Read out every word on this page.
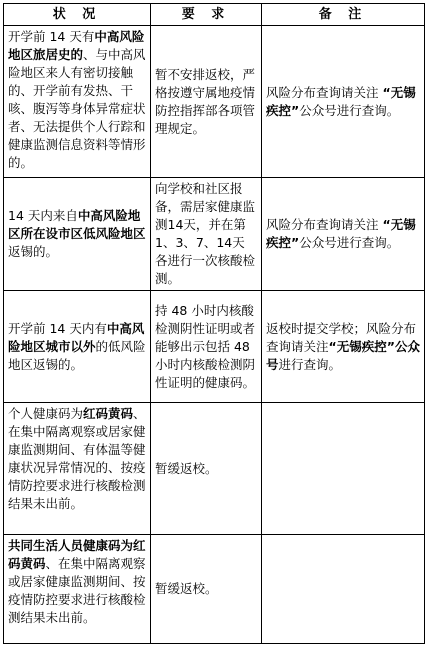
状 况	要 求	备 注
开学前 14 天有中高风险地区旅居史的、与中高风险地区来人有密切接触的、开学前有发热、干咳、腹泻等身体异常症状者、无法提供个人行踪和健康监测信息资料等情形的。	暂不安排返校，严格按遵守属地疫情防控指挥部各项管理规定。	风险分布查询请关注 “无锡疾控”公众号进行查询。
14 天内来自中高风险地区所在设市区低风险地区返锡的。	向学校和社区报备，需居家健康监测14天，并在第 1、3、7、14天各进行一次核酸检测。	风险分布查询请关注 “无锡疾控”公众号进行查询。
开学前 14 天内有中高风险地区城市以外的低风险地区返锡的。	持 48 小时内核酸检测阴性证明或者能够出示包括 48 小时内核酸检测阴性证明的健康码。	返校时提交学校；风险分布查询请关注“无锡疾控”公众号进行查询。
个人健康码为红码黄码、在集中隔离观察或居家健康监测期间、有体温等健康状况异常情况的、按疫情防控要求进行核酸检测结果未出前。	暂缓返校。	
共同生活人员健康码为红码黄码、在集中隔离观察或居家健康监测期间、按疫情防控要求进行核酸检测结果未出前。	暂缓返校。	
